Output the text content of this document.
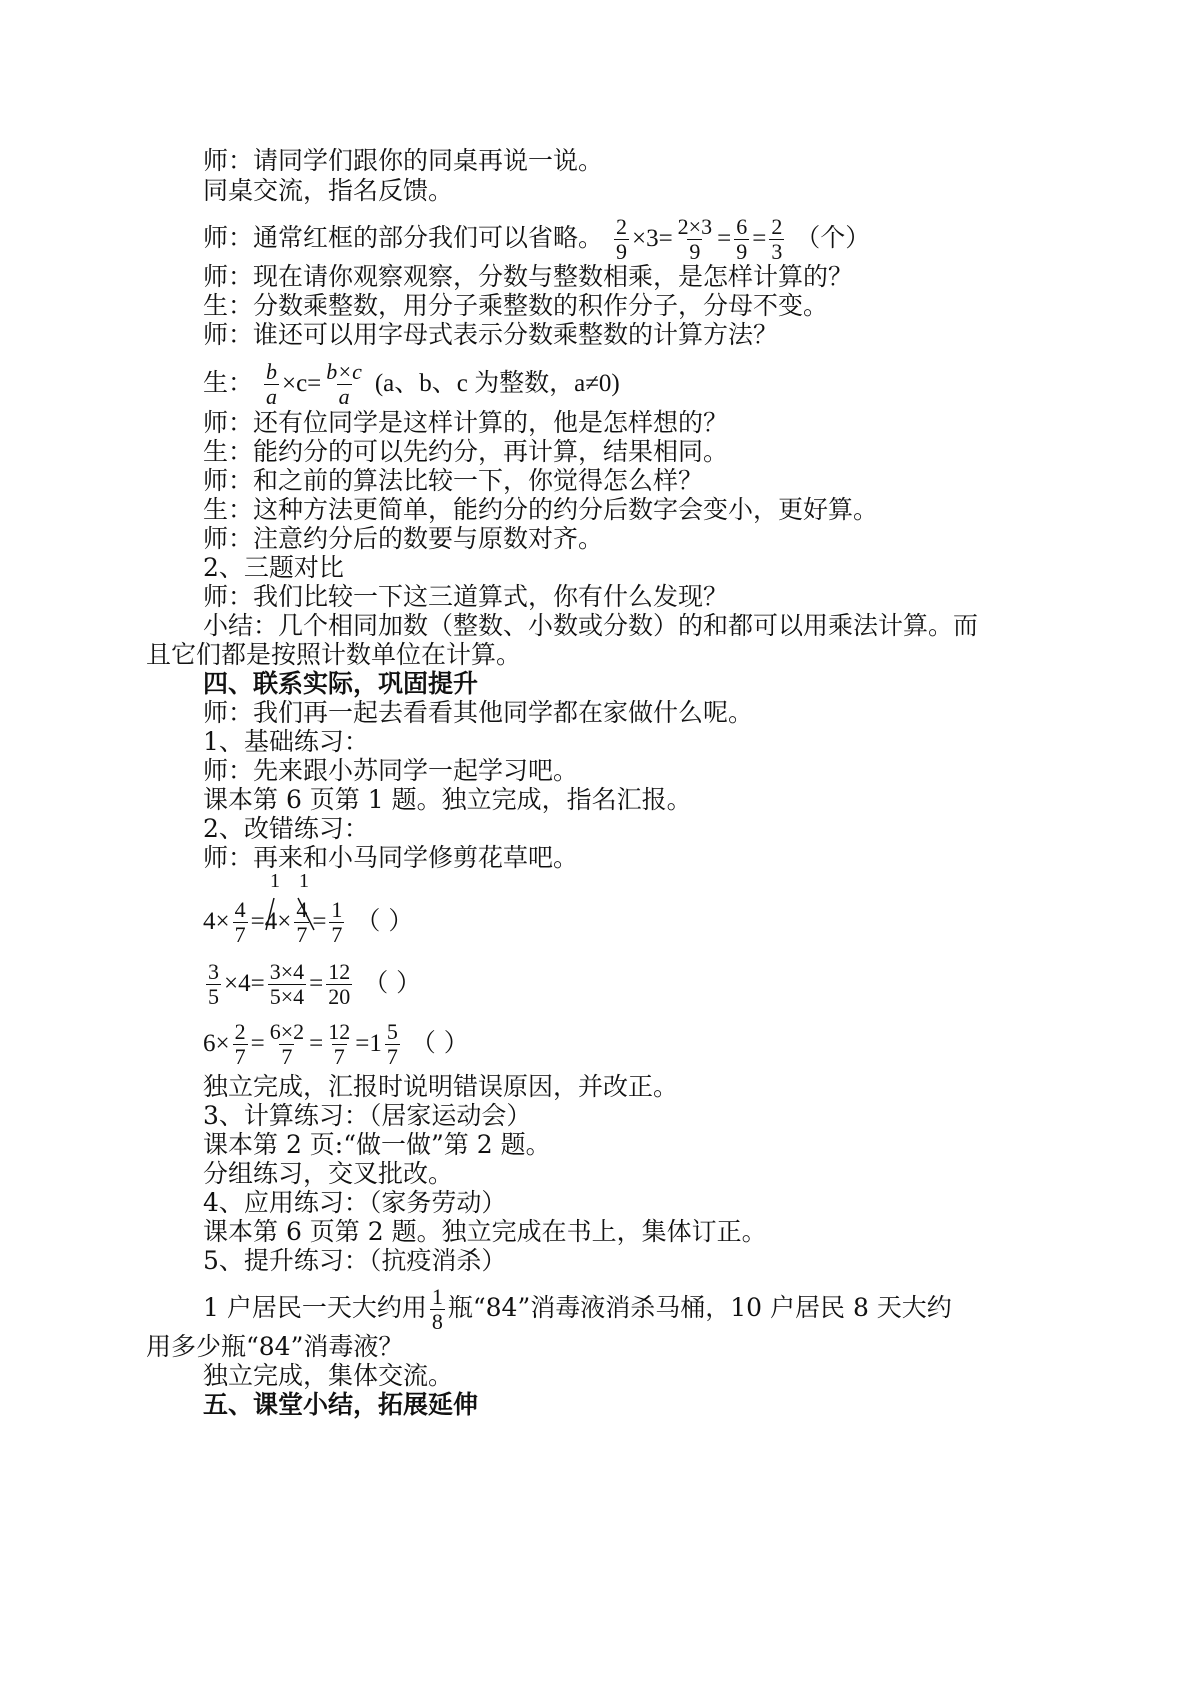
师：请同学们跟你的同桌再说一说。
同桌交流，指名反馈。
师：通常红框的部分我们可以省略。 $\frac{2}{9} \times 3= \frac{2\times 3}{9} = \frac{6}{9} = \frac{2}{3}$ （个）
师：现在请你观察观察，分数与整数相乘，是怎样计算的？
生：分数乘整数，用分子乘整数的积作分子，分母不变。
师：谁还可以用字母式表示分数乘整数的计算方法？
生： $\frac{b}{a} \times c= \frac{b\times c}{a} (a$、b、c 为整数，a≠0)
师：还有位同学是这样计算的，他是怎样想的？
生：能约分的可以先约分，再计算，结果相同。
师：和之前的算法比较一下，你觉得怎么样？
生：这种方法更简单，能约分的约分后数字会变小，更好算。
师：注意约分后的数要与原数对齐。
2、三题对比
师：我们比较一下这三道算式，你有什么发现？
小结：几个相同加数（整数、小数或分数）的和都可以用乘法计算。而
且它们都是按照计数单位在计算。
四、联系实际，巩固提升
师：我们再一起去看看其他同学都在家做什么呢。
1、基础练习：
师：先来跟小苏同学一起学习吧。
课本第 6 页第 1 题。独立完成，指名汇报。
2、改错练习：
师：再来和小马同学修剪花草吧。
$4\times \frac{4}{7} =4\times \frac{4}{7} = \frac{1}{7}$ （ ）
1 1
$\frac{3}{5} \times 4= \frac{3\times 4}{5\times 4} = \frac{12}{20}$ （ ）
$6\times \frac{2}{7} = \frac{6\times 2}{7} = \frac{12}{7} =1 \frac{5}{7}$ （ ）
独立完成，汇报时说明错误原因，并改正。
3、计算练习：（居家运动会）
课本第 2 页:“做一做”第 2 题。
分组练习，交叉批改。
4、应用练习：（家务劳动）
课本第 6 页第 2 题。独立完成在书上，集体订正。
5、提升练习：（抗疫消杀）
1 户居民一天大约用 $\frac{1}{8}$ 瓶“84”消毒液消杀马桶，10 户居民 8 天大约
用多少瓶“84”消毒液？
独立完成，集体交流。
五、课堂小结，拓展延伸
